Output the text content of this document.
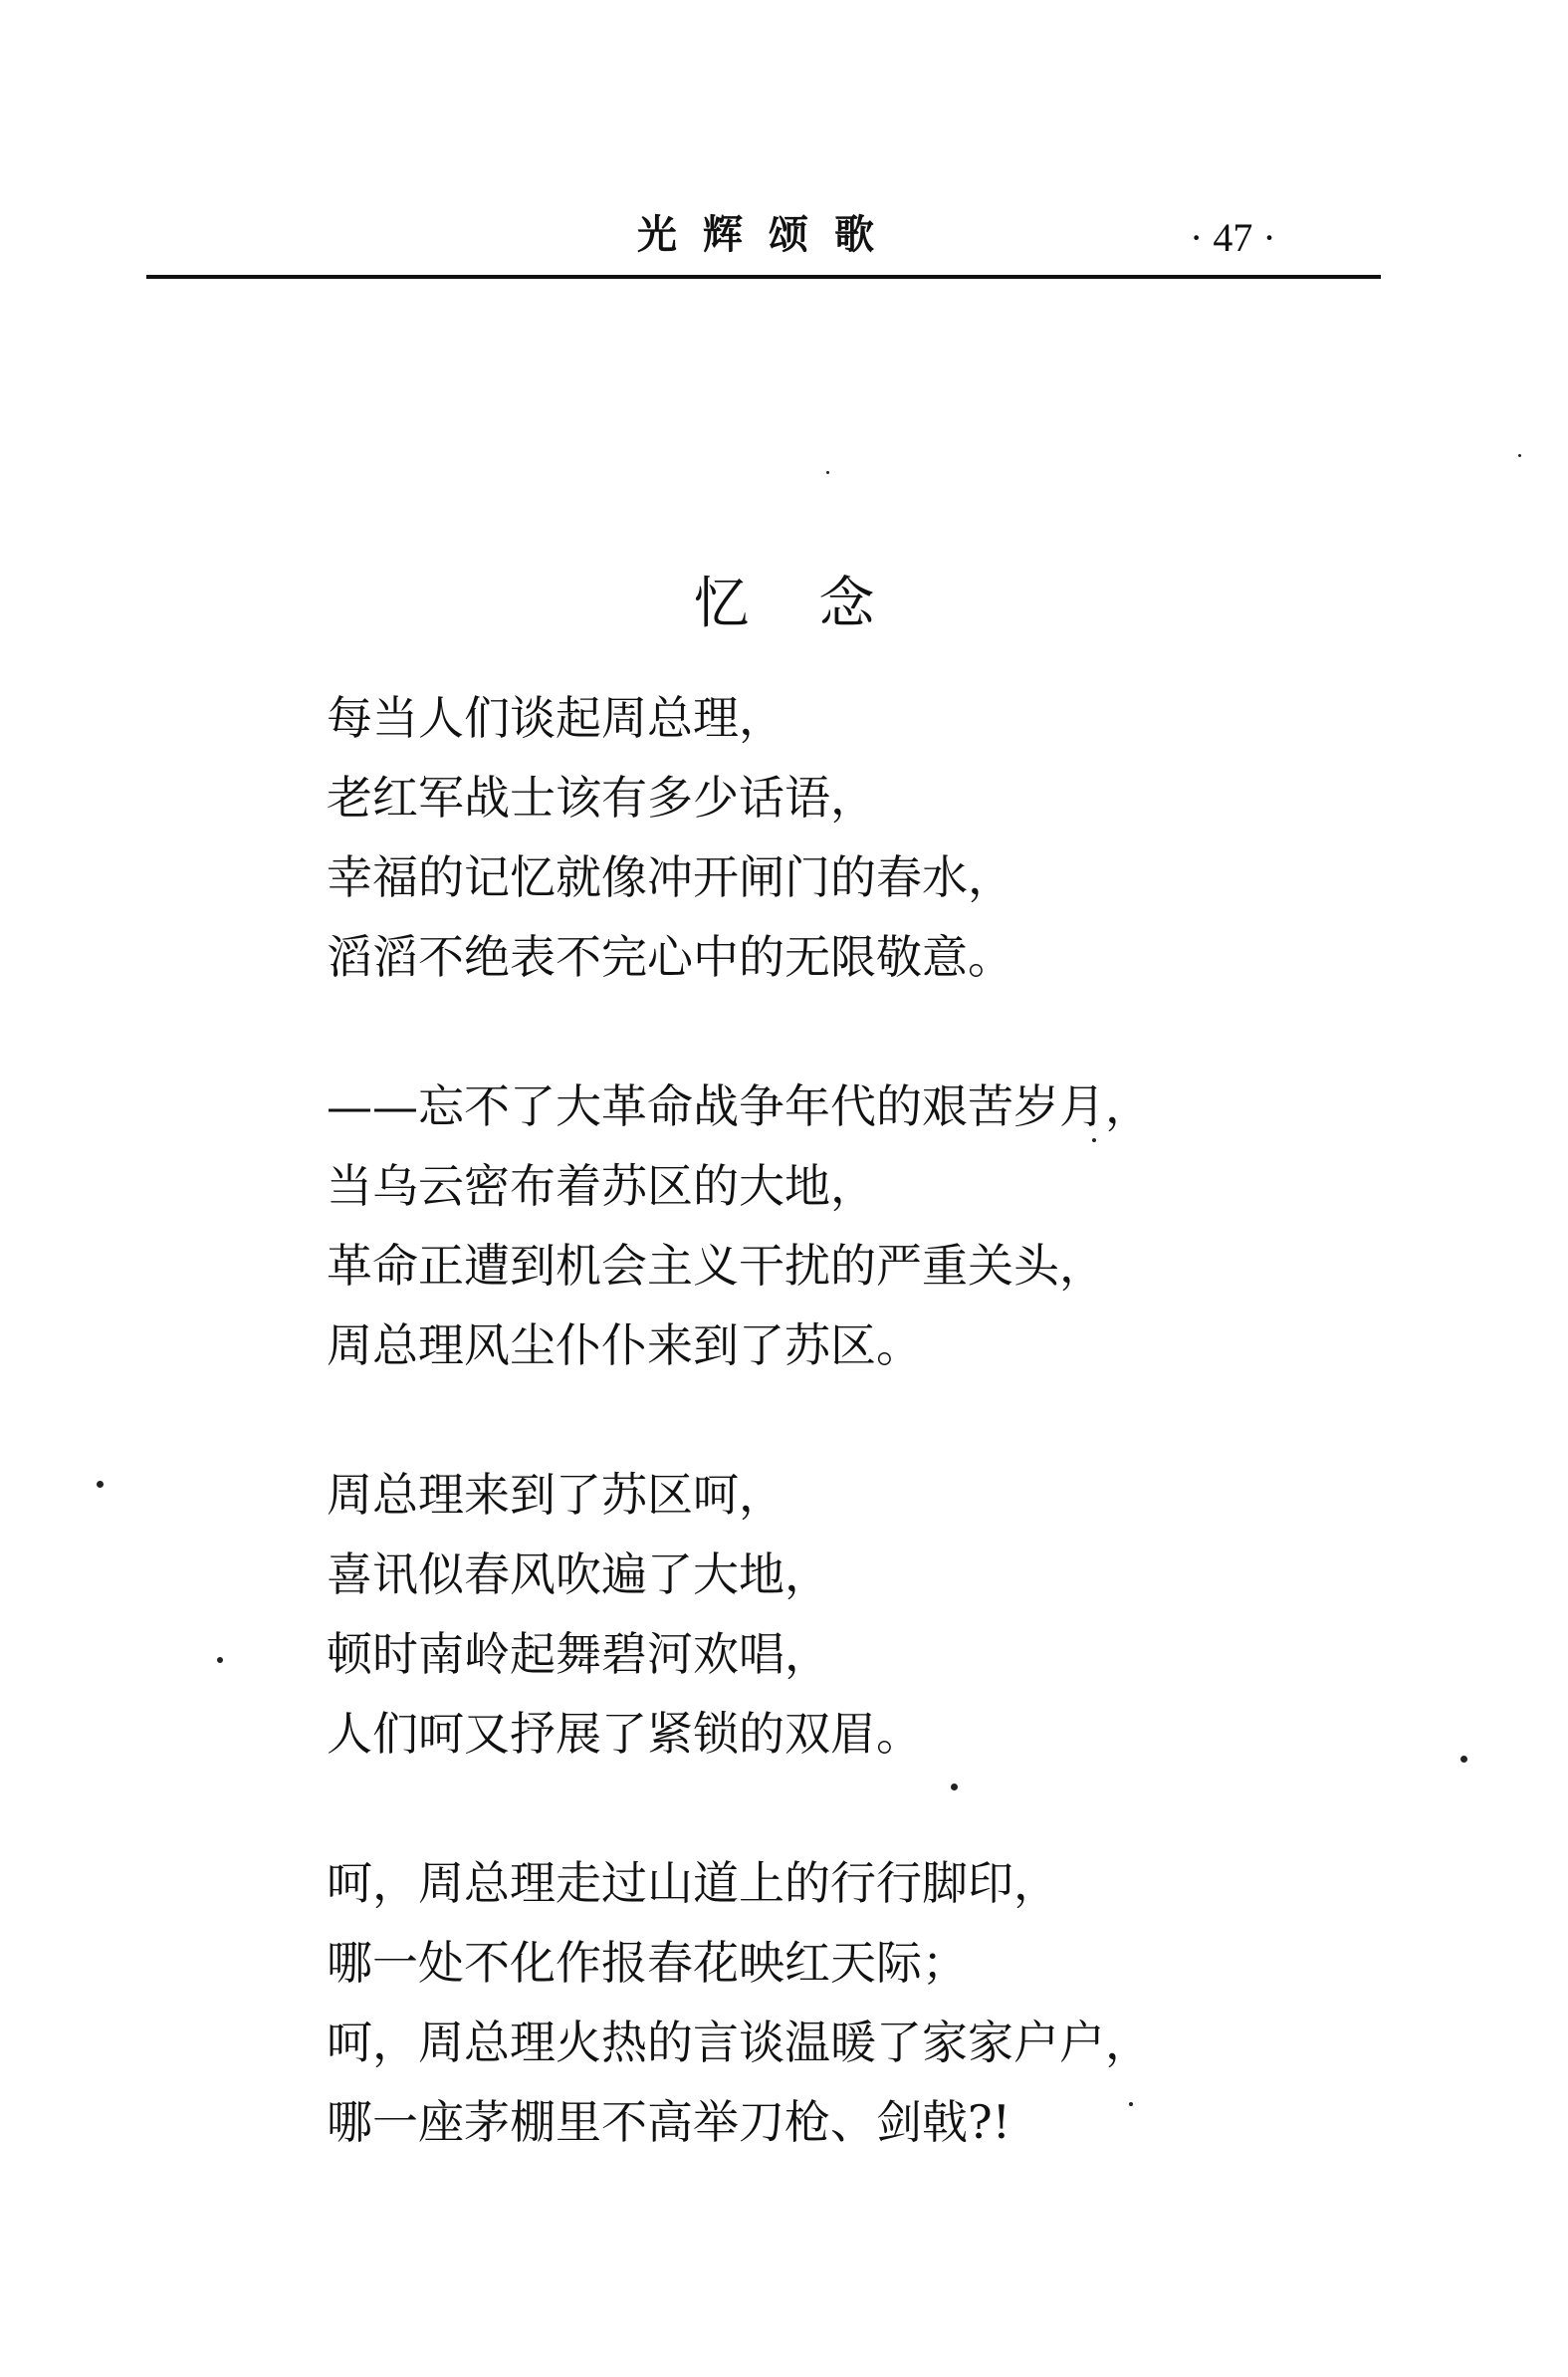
光辉颂歌	· 47 ·
忆念
每当人们谈起周总理，
老红军战士该有多少话语，
幸福的记忆就像冲开闸门的春水，
滔滔不绝表不完心中的无限敬意。
——忘不了大革命战争年代的艰苦岁月，
当乌云密布着苏区的大地，
革命正遭到机会主义干扰的严重关头，
周总理风尘仆仆来到了苏区。
周总理来到了苏区呵，
喜讯似春风吹遍了大地，
顿时南岭起舞碧河欢唱，
人们呵又抒展了紧锁的双眉。
呵，周总理走过山道上的行行脚印，
哪一处不化作报春花映红天际；
呵，周总理火热的言谈温暖了家家户户，
哪一座茅棚里不高举刀枪、剑戟?!
